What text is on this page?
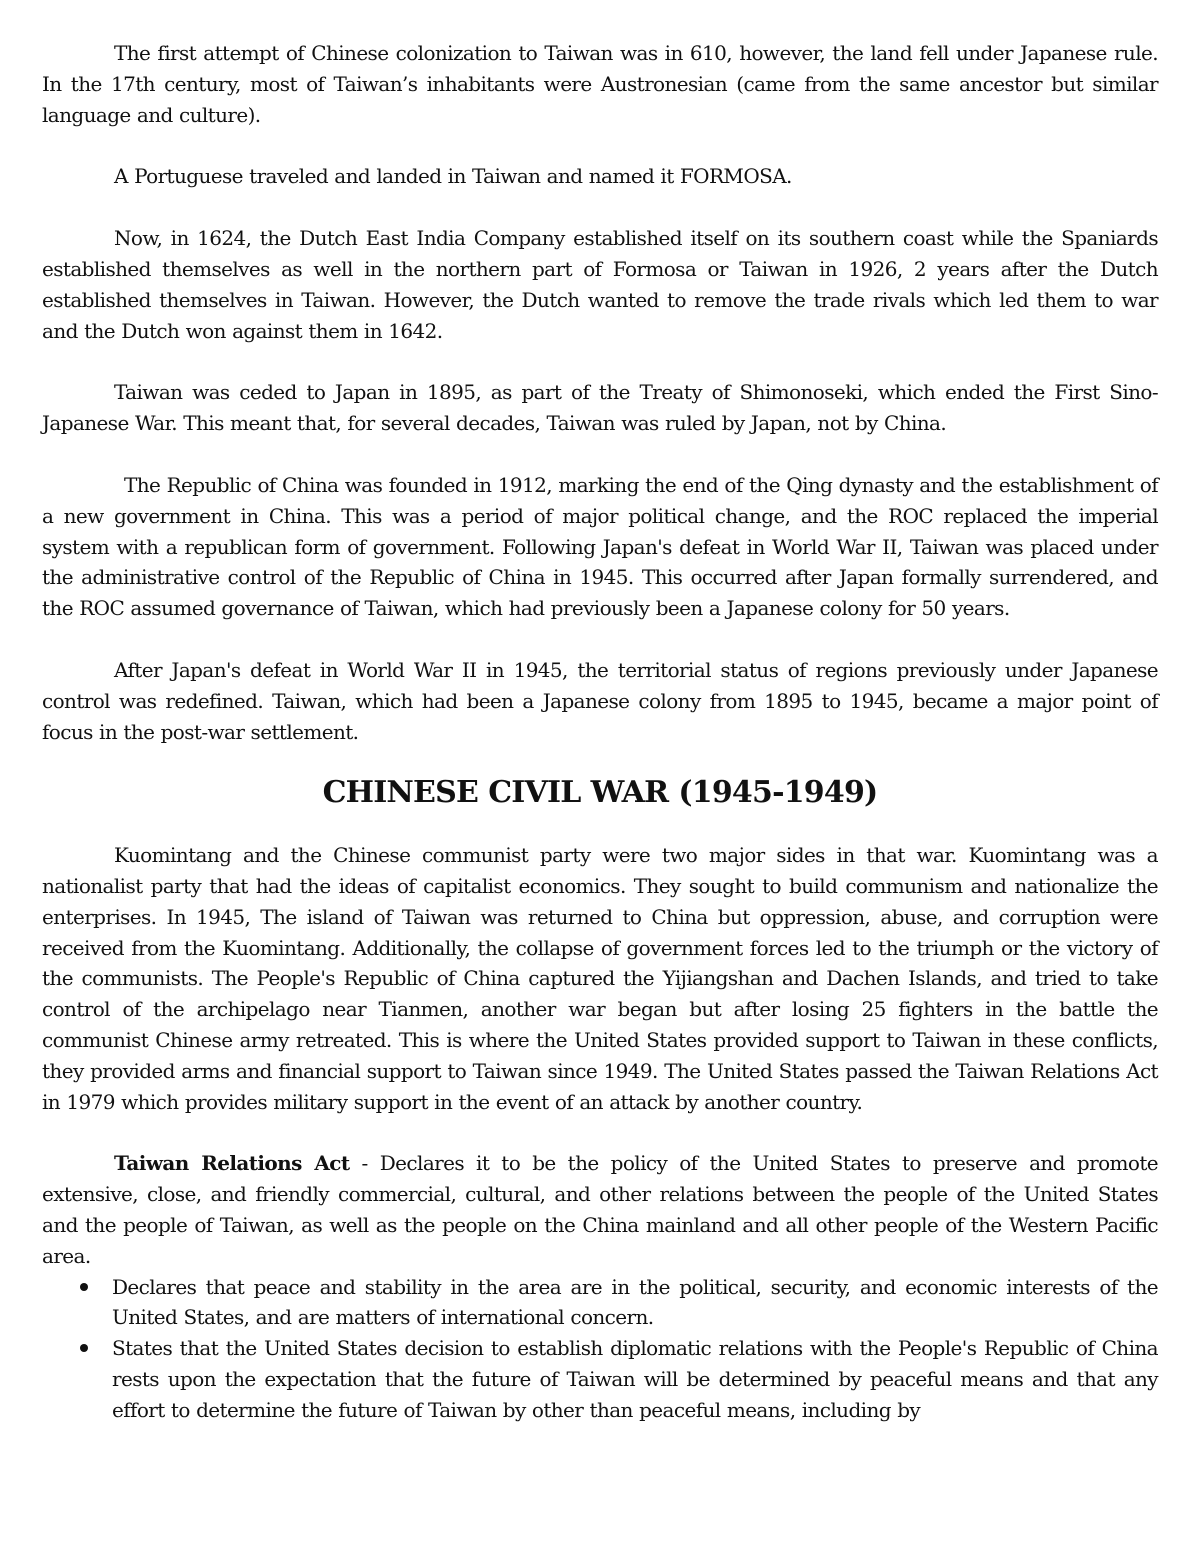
The first attempt of Chinese colonization to Taiwan was in 610, however, the land fell under Japanese rule. In the 17th century, most of Taiwan’s inhabitants were Austronesian (came from the same ancestor but similar language and culture).

A Portuguese traveled and landed in Taiwan and named it FORMOSA.

Now, in 1624, the Dutch East India Company established itself on its southern coast while the Spaniards established themselves as well in the northern part of Formosa or Taiwan in 1926, 2 years after the Dutch established themselves in Taiwan. However, the Dutch wanted to remove the trade rivals which led them to war and the Dutch won against them in 1642.

Taiwan was ceded to Japan in 1895, as part of the Treaty of Shimonoseki, which ended the First Sino-Japanese War. This meant that, for several decades, Taiwan was ruled by Japan, not by China.

The Republic of China was founded in 1912, marking the end of the Qing dynasty and the establishment of a new government in China. This was a period of major political change, and the ROC replaced the imperial system with a republican form of government. Following Japan's defeat in World War II, Taiwan was placed under the administrative control of the Republic of China in 1945. This occurred after Japan formally surrendered, and the ROC assumed governance of Taiwan, which had previously been a Japanese colony for 50 years.

After Japan's defeat in World War II in 1945, the territorial status of regions previously under Japanese control was redefined. Taiwan, which had been a Japanese colony from 1895 to 1945, became a major point of focus in the post-war settlement.

CHINESE CIVIL WAR (1945-1949)

Kuomintang and the Chinese communist party were two major sides in that war. Kuomintang was a nationalist party that had the ideas of capitalist economics. They sought to build communism and nationalize the enterprises. In 1945, The island of Taiwan was returned to China but oppression, abuse, and corruption were received from the Kuomintang. Additionally, the collapse of government forces led to the triumph or the victory of the communists. The People's Republic of China captured the Yijiangshan and Dachen Islands, and tried to take control of the archipelago near Tianmen, another war began but after losing 25 fighters in the battle the communist Chinese army retreated. This is where the United States provided support to Taiwan in these conflicts, they provided arms and financial support to Taiwan since 1949. The United States passed the Taiwan Relations Act in 1979 which provides military support in the event of an attack by another country.

Taiwan Relations Act - Declares it to be the policy of the United States to preserve and promote extensive, close, and friendly commercial, cultural, and other relations between the people of the United States and the people of Taiwan, as well as the people on the China mainland and all other people of the Western Pacific area.

Declares that peace and stability in the area are in the political, security, and economic interests of the United States, and are matters of international concern.
States that the United States decision to establish diplomatic relations with the People's Republic of China rests upon the expectation that the future of Taiwan will be determined by peaceful means and that any effort to determine the future of Taiwan by other than peaceful means, including by
